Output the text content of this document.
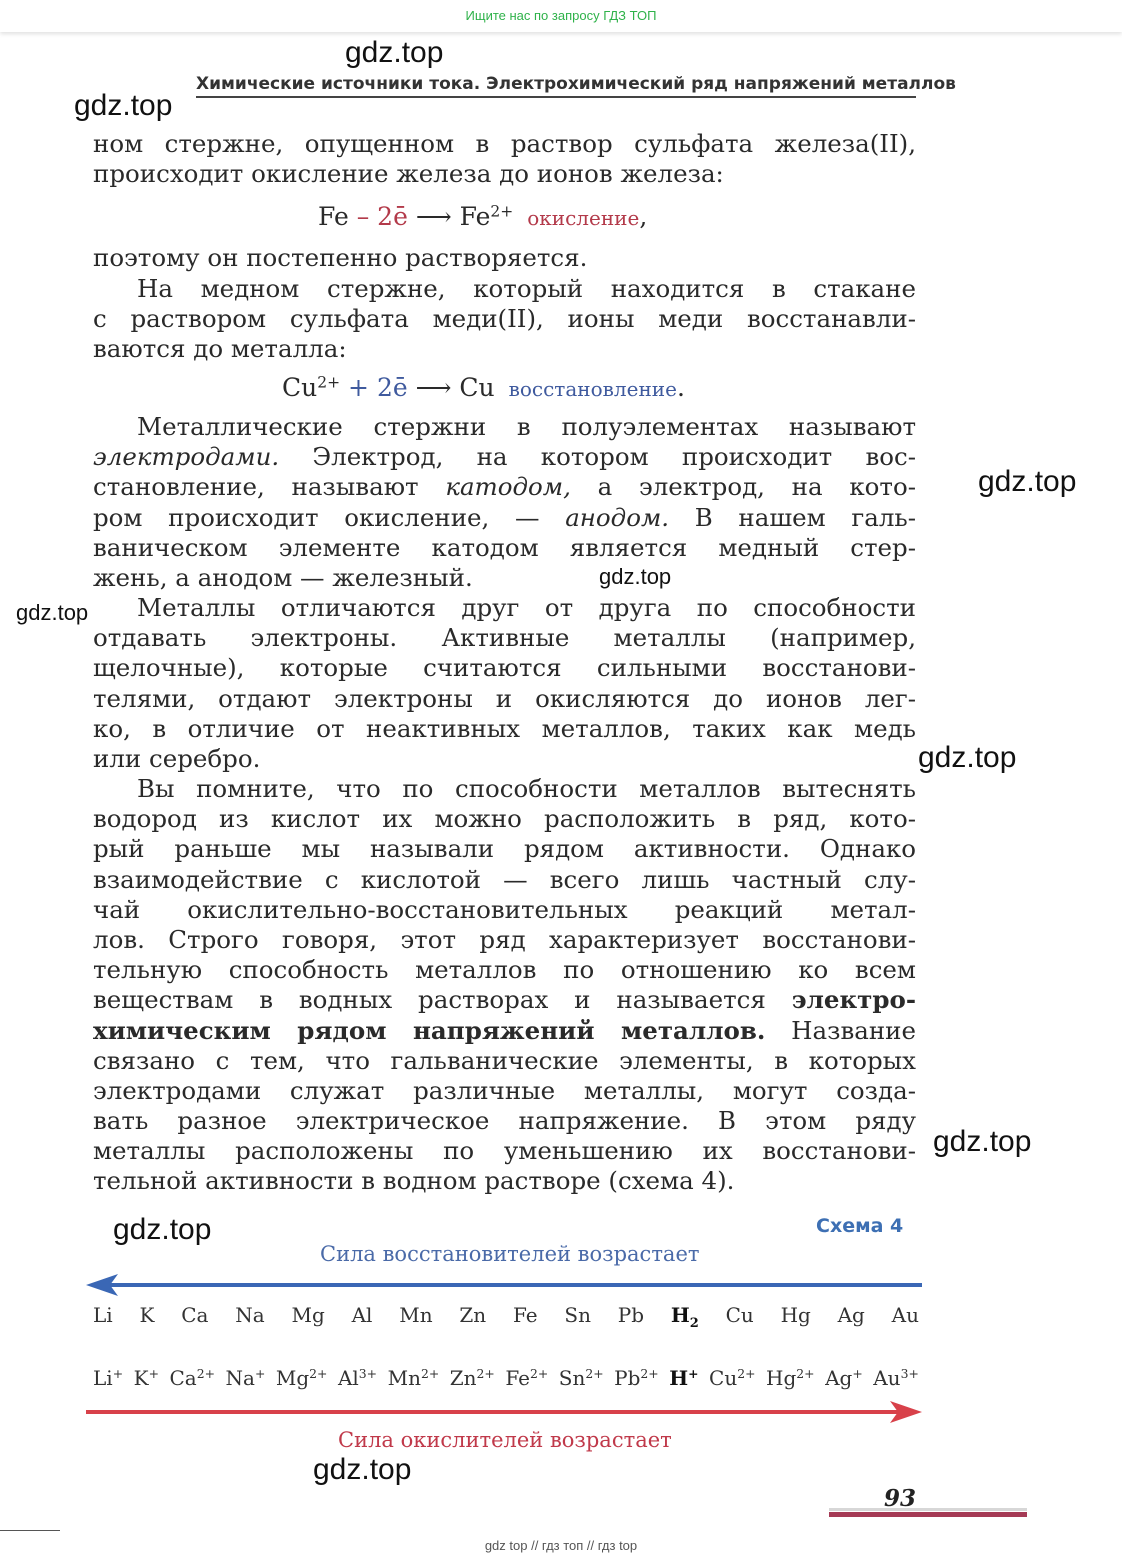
Ищите нас по запросу ГДЗ ТОП
Химические источники тока. Электрохимический ряд напряжений металлов
ном стержне, опущенном в раствор сульфата железа(II),
происходит окисление железа до ионов железа:
Fe – 2ē ⟶ $Fe^{2+}$ окисление,
поэтому он постепенно растворяется.
На медном стержне, который находится в стакане
с раствором сульфата меди(II), ионы меди восстанавли-
ваются до металла:
$Cu^{2+}$ + 2ē ⟶ Cu восстановление.
Металлические стержни в полуэлементах называют
электродами. Электрод, на котором происходит вос-
становление, называют катодом, а электрод, на кото-
ром происходит окисление, — анодом. В нашем галь-
ваническом элементе катодом является медный стер-
жень, а анодом — железный.
Металлы отличаются друг от друга по способности
отдавать электроны. Активные металлы (например,
щелочные), которые считаются сильными восстанови-
телями, отдают электроны и окисляются до ионов лег-
ко, в отличие от неактивных металлов, таких как медь
или серебро.
Вы помните, что по способности металлов вытеснять
водород из кислот их можно расположить в ряд, кото-
рый раньше мы называли рядом активности. Однако
взаимодействие с кислотой — всего лишь частный слу-
чай окислительно-восстановительных реакций метал-
лов. Строго говоря, этот ряд характеризует восстанови-
тельную способность металлов по отношению ко всем
веществам в водных растворах и называется электро-
химическим рядом напряжений металлов. Название
связано с тем, что гальванические элементы, в которых
электродами служат различные металлы, могут созда-
вать разное электрическое напряжение. В этом ряду
металлы расположены по уменьшению их восстанови-
тельной активности в водном растворе (схема 4).
Схема 4
Сила восстановителей возрастает
Li K Ca Na Mg Al Mn Zn Fe Sn Pb $H_2$ Cu Hg Ag Au
Li+ K+ $Ca^{2+}$ Na+ $Mg^{2+}$ $Al^{3+}$ $Mn^{2+}$ $Zn^{2+}$ $Fe^{2+}$ $Sn^{2+}$ $Pb^{2+}$ H+ $Cu^{2+}$ $Hg^{2+}$ Ag+ $Au^{3+}$
Сила окислителей возрастает
gdz.top
gdz.top
gdz.top
gdz.top
gdz.top
gdz.top
gdz.top
gdz.top
gdz.top
93
gdz top // гдз топ // гдз top
